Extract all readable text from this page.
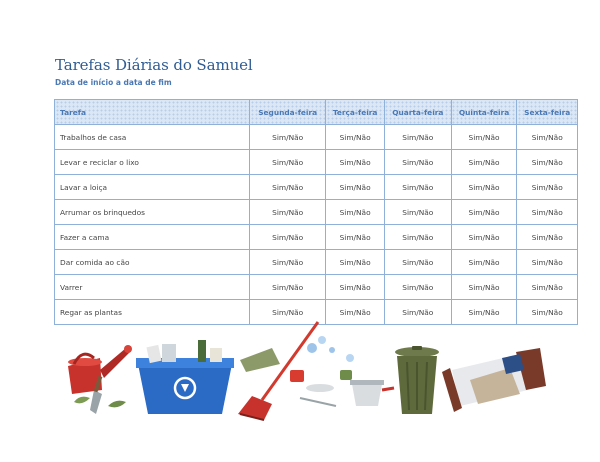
Tarefas Diárias do Samuel
Data de início a data de fim
Tarefa	Segunda-feira	Terça-feira	Quarta-feira	Quinta-feira	Sexta-feira
Trabalhos de casa	Sim/Não	Sim/Não	Sim/Não	Sim/Não	Sim/Não
Levar e reciclar o lixo	Sim/Não	Sim/Não	Sim/Não	Sim/Não	Sim/Não
Lavar a loiça	Sim/Não	Sim/Não	Sim/Não	Sim/Não	Sim/Não
Arrumar os brinquedos	Sim/Não	Sim/Não	Sim/Não	Sim/Não	Sim/Não
Fazer a cama	Sim/Não	Sim/Não	Sim/Não	Sim/Não	Sim/Não
Dar comida ao cão	Sim/Não	Sim/Não	Sim/Não	Sim/Não	Sim/Não
Varrer	Sim/Não	Sim/Não	Sim/Não	Sim/Não	Sim/Não
Regar as plantas	Sim/Não	Sim/Não	Sim/Não	Sim/Não	Sim/Não
